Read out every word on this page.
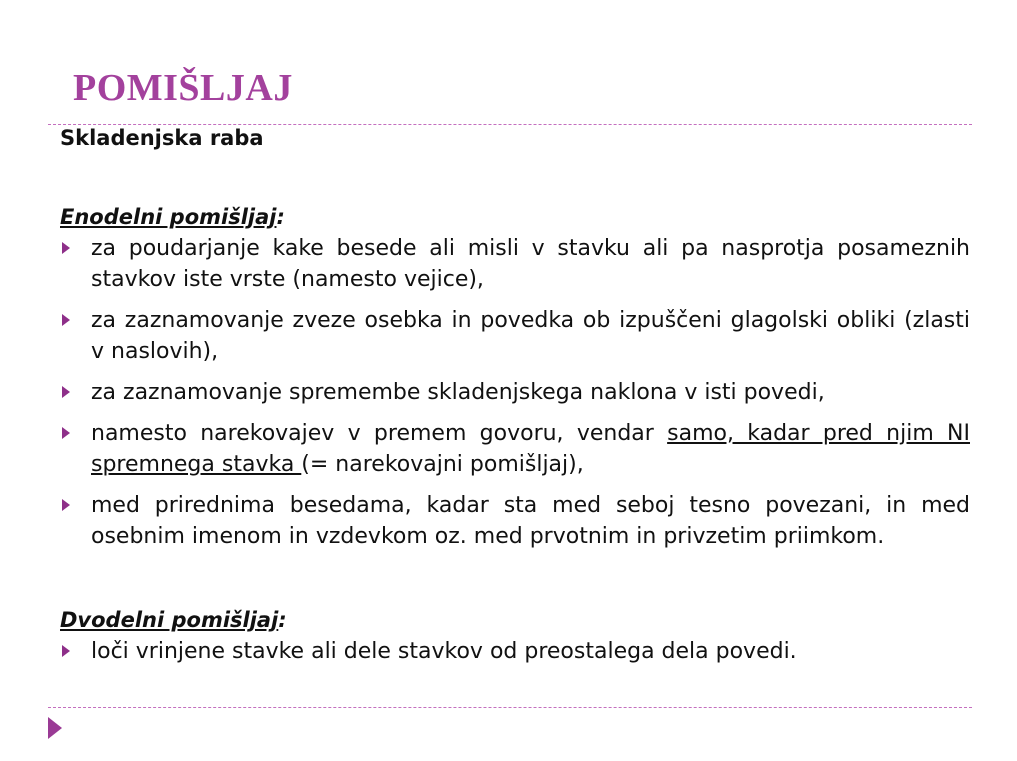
POMIŠLJAJ
Skladenjska raba
Enodelni pomišljaj:
za poudarjanje kake besede ali misli v stavku ali pa nasprotja posameznih stavkov iste vrste (namesto vejice),
za zaznamovanje zveze osebka in povedka ob izpuščeni glagolski obliki (zlasti v naslovih),
za zaznamovanje spremembe skladenjskega naklona v isti povedi,
namesto narekovajev v premem govoru, vendar samo, kadar pred njim NI spremnega stavka (= narekovajni pomišljaj),
med prirednima besedama, kadar sta med seboj tesno povezani, in med osebnim imenom in vzdevkom oz. med prvotnim in privzetim priimkom.
Dvodelni pomišljaj:
loči vrinjene stavke ali dele stavkov od preostalega dela povedi.
